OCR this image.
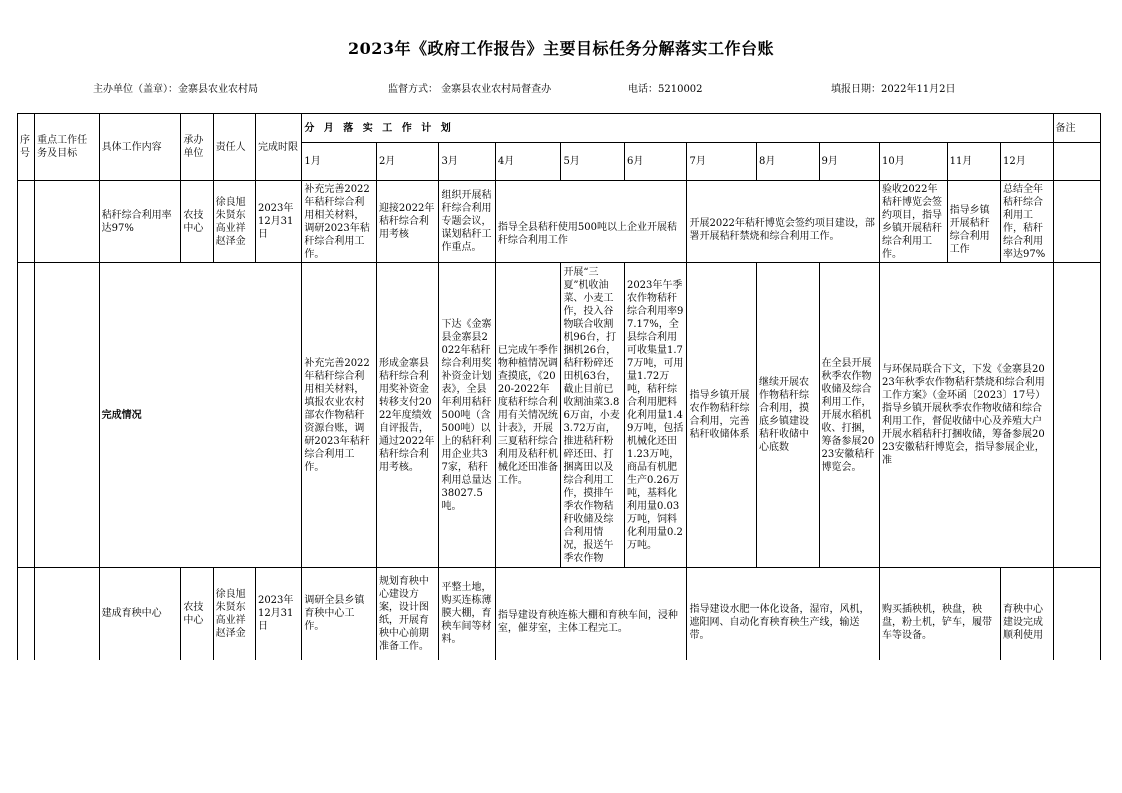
2023年《政府工作报告》主要目标任务分解落实工作台账
主办单位（盖章）：金寨县农业农村局	监督方式： 金寨县农业农村局督查办	电话：5210002	填报日期：2022年11月2日
序号	重点工作任务及目标	具体工作内容	承办单位	责任人	完成时限	分 月 落 实 工 作 计 划												备注
						1月	2月	3月	4月	5月	6月	7月	8月	9月	10月	11月	12月	
		秸秆综合利用率达97%	农技中心	徐良旭 朱贤东 高业祥 赵泽金	2023年12月31日	补充完善2022年秸秆综合利用相关材料，调研2023年秸秆综合利用工作。	迎接2022年秸秆综合利用考核	组织开展秸秆综合利用专题会议，谋划秸秆工作重点。	指导全县秸秆使用500吨以上企业开展秸秆综合利用工作			开展2022年秸秆博览会签约项目建设，部署开展秸秆禁烧和综合利用工作。			验收2022年秸秆博览会签约项目，指导乡镇开展秸秆综合利用工作。	指导乡镇开展秸秆综合利用工作	总结全年秸秆综合利用工作，秸秆综合利用率达97%	
		完成情况				补充完善2022年秸秆综合利用相关材料，填报农业农村部农作物秸秆资源台账，调研2023年秸秆综合利用工作。	形成金寨县秸秆综合利用奖补资金转移支付2022年度绩效自评报告，通过2022年秸秆综合利用考核。	下达《金寨县金寨县2022年秸秆综合利用奖补资金计划表》，全县年利用秸秆500吨（含500吨）以上的秸秆利用企业共37家，秸秆利用总量达38027.5吨。	已完成午季作物种植情况调查摸底，《2020-2022年度秸秆综合利用有关情况统计表》，开展三夏秸秆综合利用及秸秆机械化还田准备工作。	开展“三夏”机收油菜、小麦工作，投入谷物联合收割机96台，打捆机26台，秸秆粉碎还田机63台，截止目前已收割油菜3.86万亩，小麦3.72万亩，推进秸秆粉碎还田、打捆离田以及综合利用工作，摸排午季农作物秸秆收储及综合利用情况，报送午季农作物	2023年午季农作物秸秆综合利用率97.17%，全县综合利用可收集量1.77万吨，可用量1.72万吨，秸秆综合利用肥料化利用量1.49万吨，包括机械化还田1.23万吨，商品有机肥生产0.26万吨，基料化利用量0.03万吨，饲料化利用量0.2万吨。	指导乡镇开展农作物秸秆综合利用，完善秸秆收储体系	继续开展农作物秸秆综合利用，摸底乡镇建设秸秆收储中心底数	在全县开展秋季农作物收储及综合利用工作，开展水稻机收、打捆，筹备参展2023安徽秸秆博览会。	与环保局联合下文，下发《金寨县2023年秋季农作物秸秆禁烧和综合利用工作方案》（金环函〔2023〕17号）指导乡镇开展秋季农作物收储和综合利用工作，督促收储中心及养殖大户开展水稻秸秆打捆收储，筹备参展2023安徽秸秆博览会，指导参展企业，准			
		建成育秧中心	农技中心	徐良旭 朱贤东 高业祥 赵泽金	2023年12月31日	调研全县乡镇育秧中心工作。	规划育秧中心建设方案，设计图纸，开展育秧中心前期准备工作。	平整土地，购买连栋薄膜大棚，育秧车间等材料。	指导建设育秧连栋大棚和育秧车间，浸种室，催芽室，主体工程完工。			指导建设水肥一体化设备，湿帘，风机，遮阳网、自动化育秧育秧生产线，输送带。			购买插秧机，秧盘，秧盘，粉土机，铲车，履带车等设备。		育秧中心建设完成顺利使用	
